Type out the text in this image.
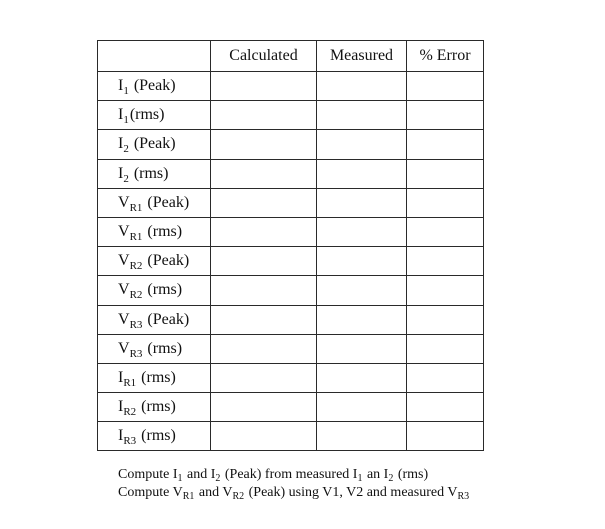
	Calculated	Measured	% Error
$I_1$ (Peak)			
$I_1(rms)$			
$I_2$ (Peak)			
$I_2$ (rms)			
$V_{R1}$ (Peak)			
$V_{R1}$ (rms)			
$V_{R2}$ (Peak)			
$V_{R2}$ (rms)			
$V_{R3}$ (Peak)			
$V_{R3}$ (rms)			
$I_{R1}$ (rms)			
$I_{R2}$ (rms)			
$I_{R3}$ (rms)			
Compute $I_1$ and $I_2$ (Peak) from measured $I_1$ an $I_2$ (rms)
Compute $V_{R1}$ and $V_{R2}$ (Peak) using V1, V2 and measured $V_{R3}$
